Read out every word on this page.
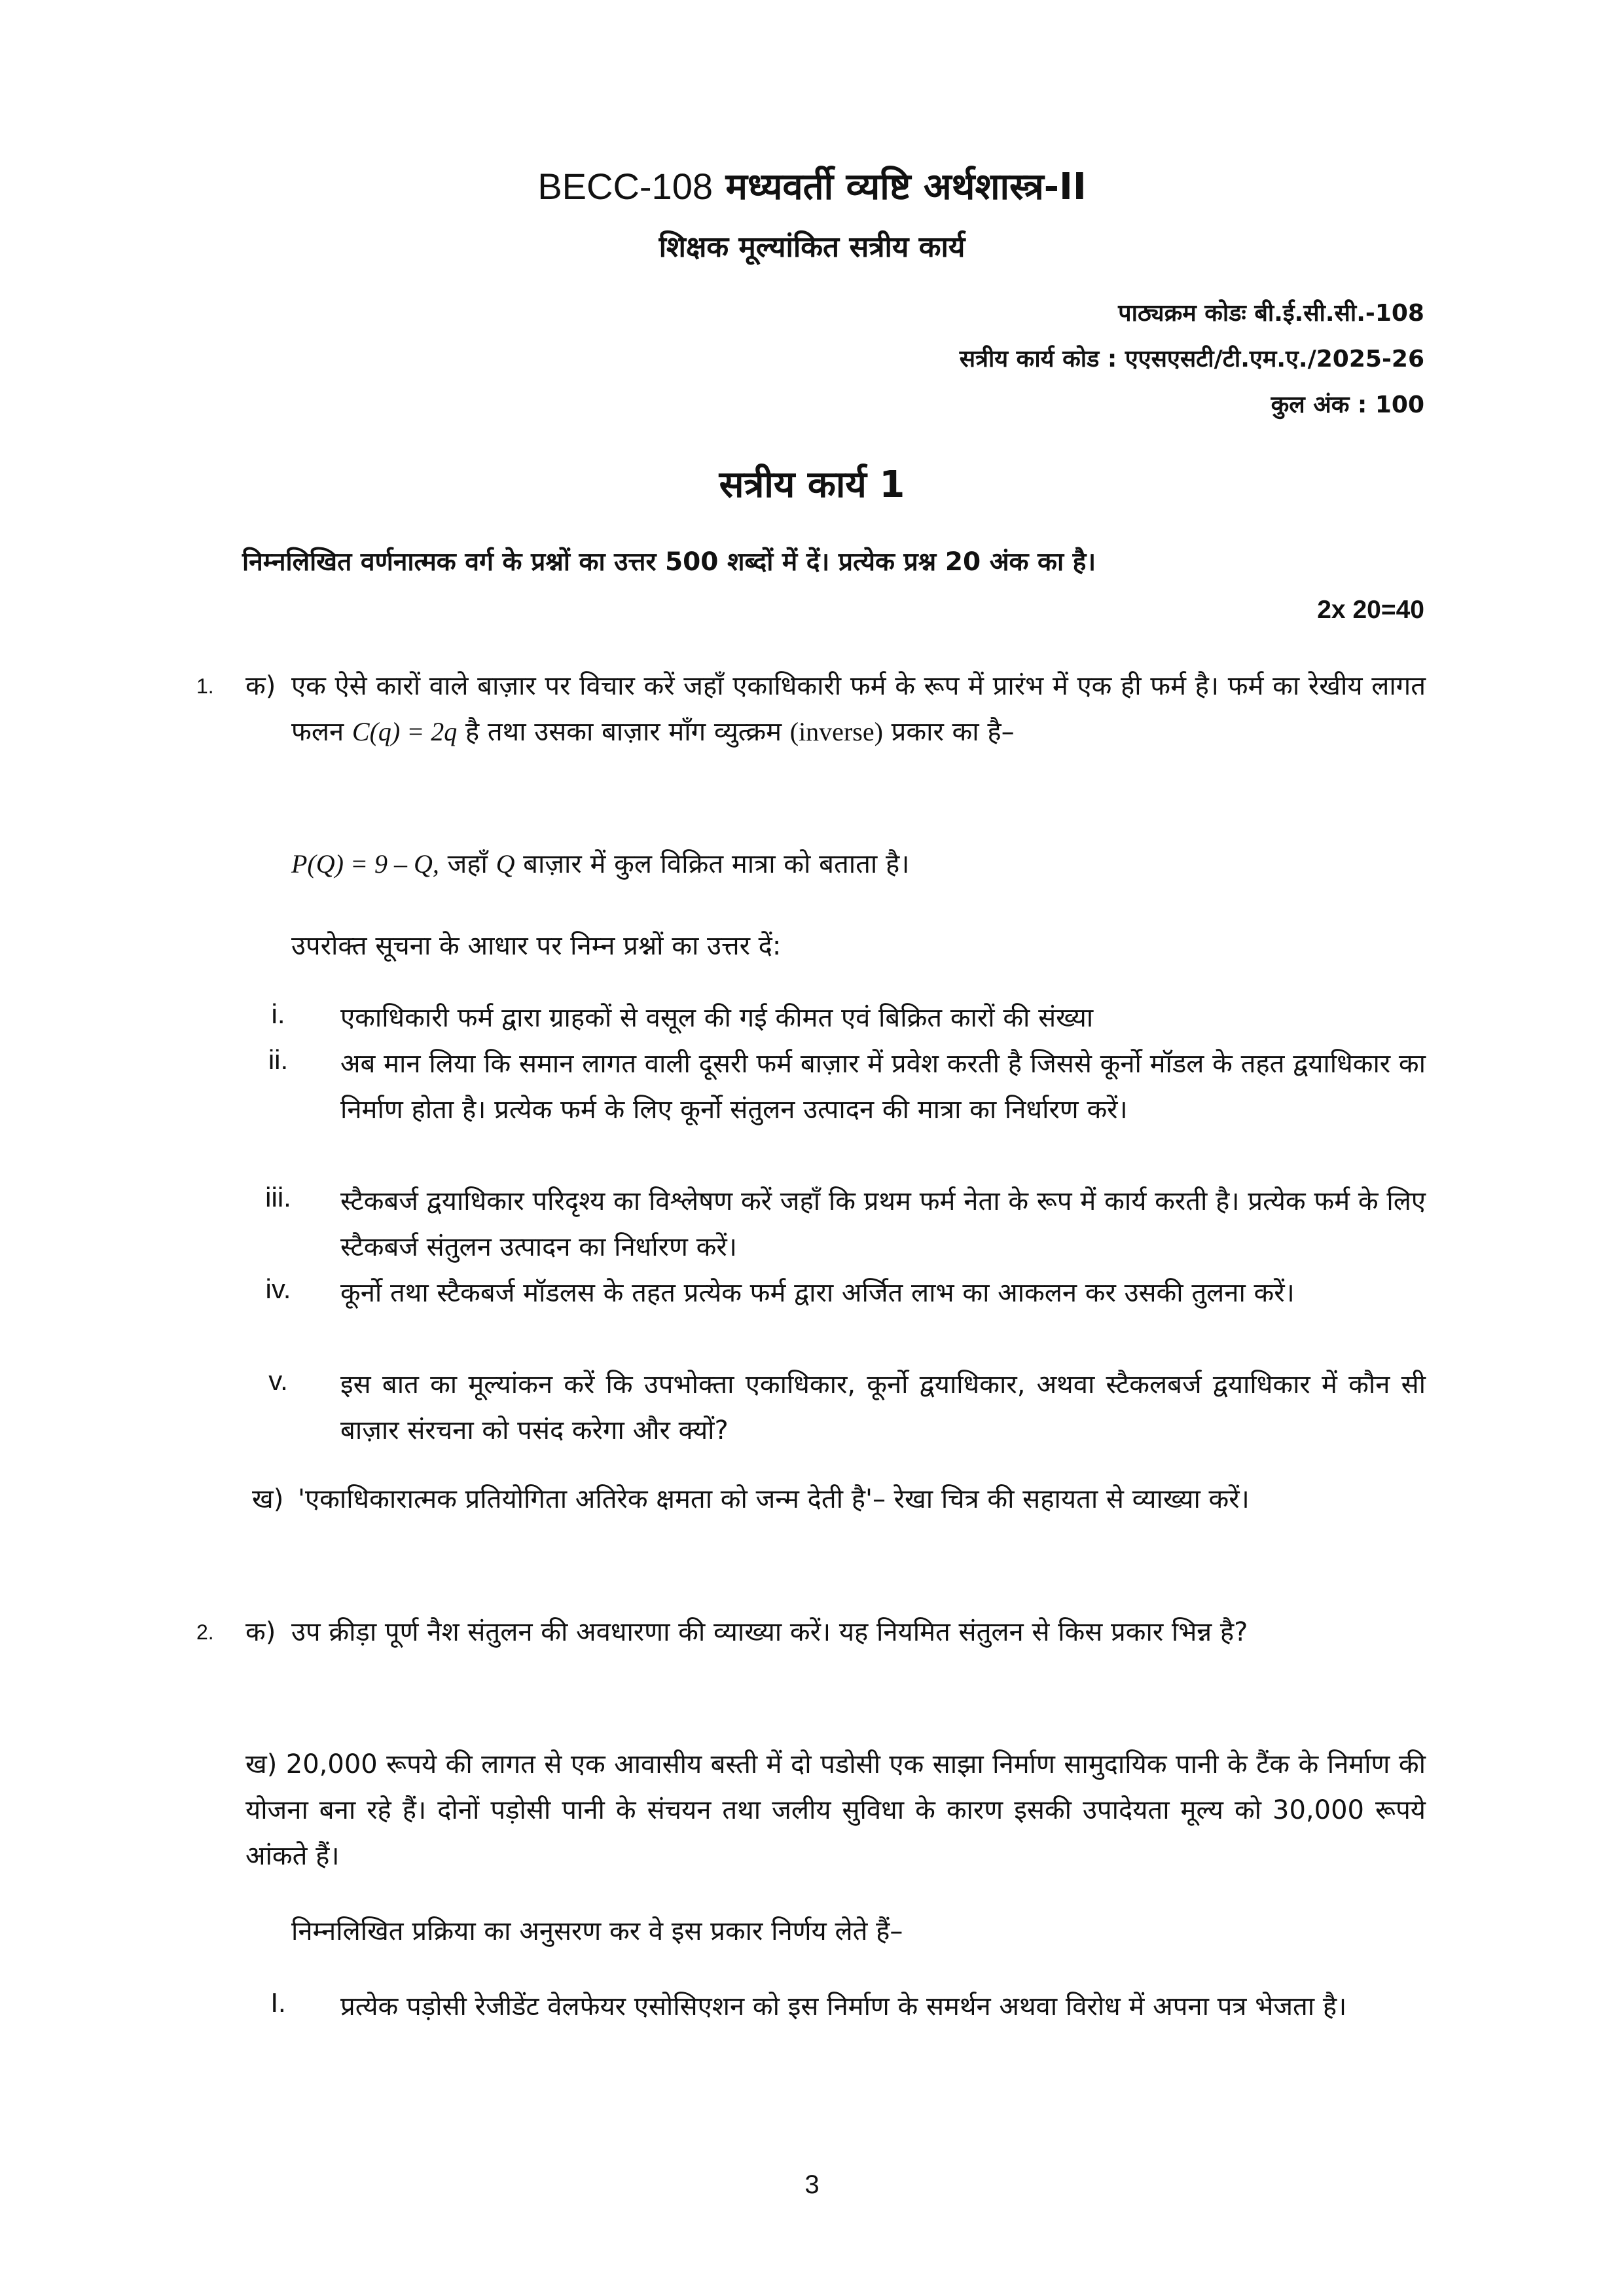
BECC-108 मध्यवर्ती व्यष्टि अर्थशास्त्र-II
शिक्षक मूल्यांकित सत्रीय कार्य
पाठ्यक्रम कोडः बी.ई.सी.सी.-108
सत्रीय कार्य कोड : एएसएसटी/टी.एम.ए./2025-26
कुल अंक : 100
सत्रीय कार्य 1
निम्नलिखित वर्णनात्मक वर्ग के प्रश्नों का उत्तर 500 शब्दों में दें। प्रत्येक प्रश्न 20 अंक का है।
2x 20=40
1. क) एक ऐसे कारों वाले बाज़ार पर विचार करें जहाँ एकाधिकारी फर्म के रूप में प्रारंभ में एक ही फर्म है। फर्म का रेखीय लागत फलन C(q) = 2q है तथा उसका बाज़ार माँग व्युत्क्रम (inverse) प्रकार का है–
P(Q) = 9 – Q, जहाँ Q बाज़ार में कुल विक्रित मात्रा को बताता है।
उपरोक्त सूचना के आधार पर निम्न प्रश्नों का उत्तर दें:
i.	एकाधिकारी फर्म द्वारा ग्राहकों से वसूल की गई कीमत एवं बिक्रित कारों की संख्या
ii.	अब मान लिया कि समान लागत वाली दूसरी फर्म बाज़ार में प्रवेश करती है जिससे कूर्नो मॉडल के तहत द्वयाधिकार का निर्माण होता है। प्रत्येक फर्म के लिए कूर्नो संतुलन उत्पादन की मात्रा का निर्धारण करें।
iii.	स्टैकबर्ज द्वयाधिकार परिदृश्य का विश्लेषण करें जहाँ कि प्रथम फर्म नेता के रूप में कार्य करती है। प्रत्येक फर्म के लिए स्टैकबर्ज संतुलन उत्पादन का निर्धारण करें।
iv.	कूर्नो तथा स्टैकबर्ज मॉडलस के तहत प्रत्येक फर्म द्वारा अर्जित लाभ का आकलन कर उसकी तुलना करें।
v.	इस बात का मूल्यांकन करें कि उपभोक्ता एकाधिकार, कूर्नो द्वयाधिकार, अथवा स्टैकलबर्ज द्वयाधिकार में कौन सी बाज़ार संरचना को पसंद करेगा और क्यों?
ख) 'एकाधिकारात्मक प्रतियोगिता अतिरेक क्षमता को जन्म देती है'– रेखा चित्र की सहायता से व्याख्या करें।
2. क) उप क्रीड़ा पूर्ण नैश संतुलन की अवधारणा की व्याख्या करें। यह नियमित संतुलन से किस प्रकार भिन्न है?
ख) 20,000 रूपये की लागत से एक आवासीय बस्ती में दो पडोसी एक साझा निर्माण सामुदायिक पानी के टैंक के निर्माण की योजना बना रहे हैं। दोनों पड़ोसी पानी के संचयन तथा जलीय सुविधा के कारण इसकी उपादेयता मूल्य को 30,000 रूपये आंकते हैं।
निम्नलिखित प्रक्रिया का अनुसरण कर वे इस प्रकार निर्णय लेते हैं–
I.	प्रत्येक पड़ोसी रेजीडेंट वेलफेयर एसोसिएशन को इस निर्माण के समर्थन अथवा विरोध में अपना पत्र भेजता है।
3
